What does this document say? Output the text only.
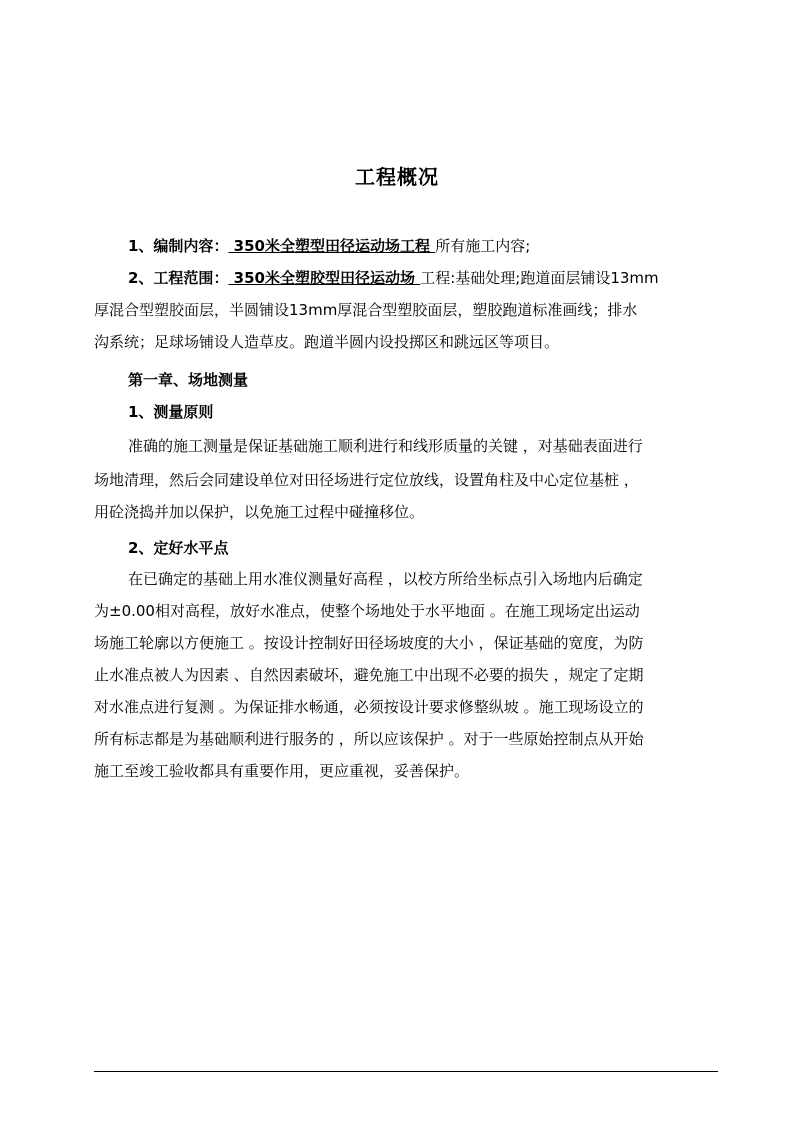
工程概况
1、编制内容： 350米全塑型田径运动场工程 所有施工内容;
2、工程范围： 350米全塑胶型田径运动场 工程:基础处理;跑道面层铺设13mm
厚混合型塑胶面层，半圆铺设13mm厚混合型塑胶面层，塑胶跑道标准画线；排水
沟系统；足球场铺设人造草皮。跑道半圆内设投掷区和跳远区等项目。
第一章、场地测量
1、测量原则
准确的施工测量是保证基础施工顺利进行和线形质量的关键 ，对基础表面进行
场地清理，然后会同建设单位对田径场进行定位放线，设置角柱及中心定位基桩 ，
用砼浇捣并加以保护，以免施工过程中碰撞移位。
2、定好水平点
在已确定的基础上用水准仪测量好高程 ，以校方所给坐标点引入场地内后确定
为±0.00相对高程，放好水准点，使整个场地处于水平地面 。在施工现场定出运动
场施工轮廓以方便施工 。按设计控制好田径场坡度的大小 ，保证基础的宽度，为防
止水准点被人为因素 、自然因素破坏，避免施工中出现不必要的损失 ，规定了定期
对水准点进行复测 。为保证排水畅通，必须按设计要求修整纵坡 。施工现场设立的
所有标志都是为基础顺利进行服务的 ，所以应该保护 。对于一些原始控制点从开始
施工至竣工验收都具有重要作用，更应重视，妥善保护。
